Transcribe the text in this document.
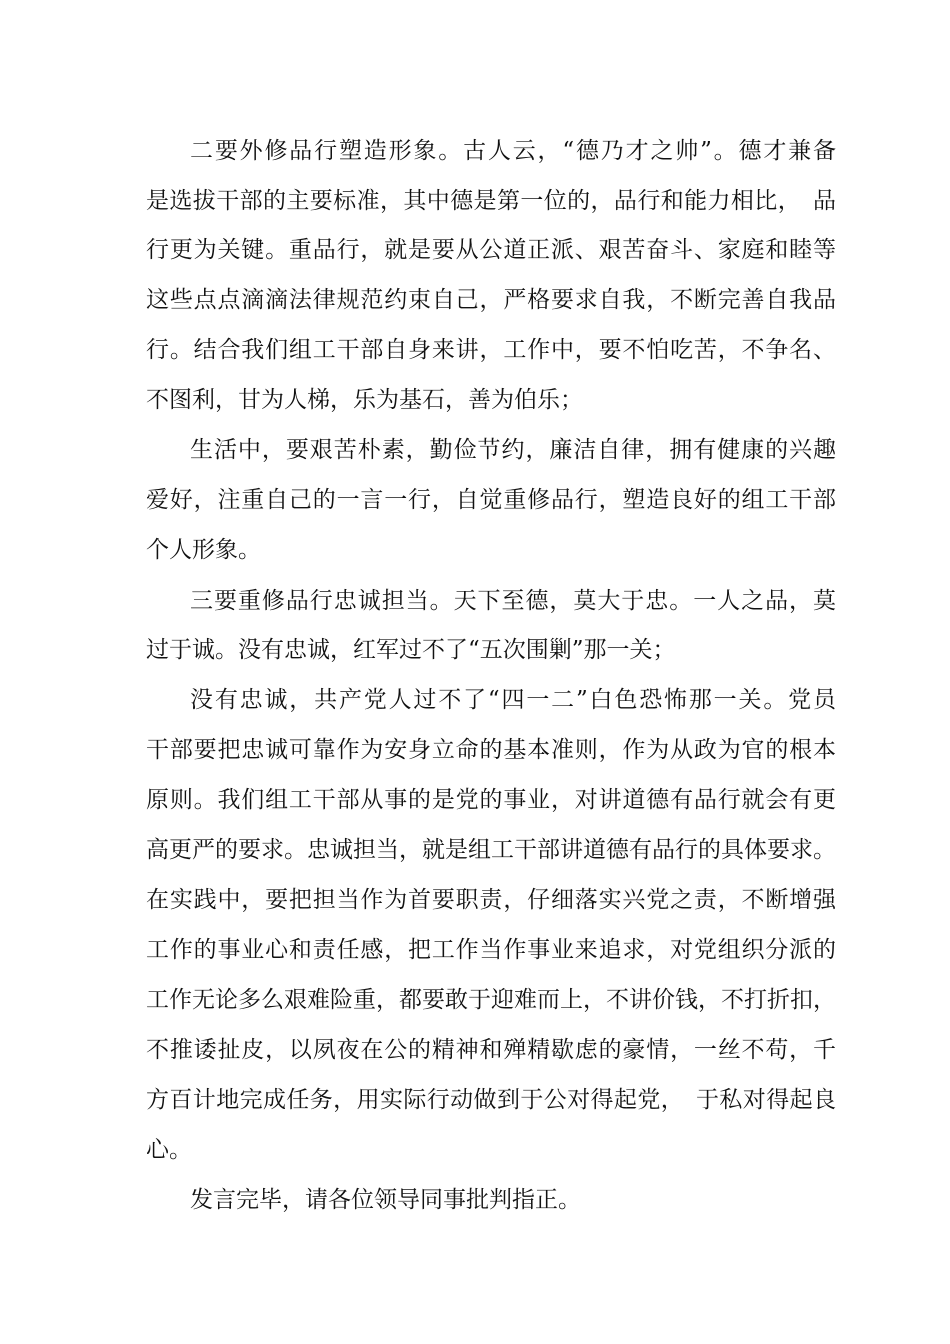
二要外修品行塑造形象。古人云，“德乃才之帅”。德才兼备
是选拔干部的主要标准，其中德是第一位的，品行和能力相比，　品
行更为关键。重品行，就是要从公道正派、艰苦奋斗、家庭和睦等
这些点点滴滴法律规范约束自己，严格要求自我，不断完善自我品
行。结合我们组工干部自身来讲，工作中，要不怕吃苦，不争名、
不图利，甘为人梯，乐为基石，善为伯乐；
生活中，要艰苦朴素，勤俭节约，廉洁自律，拥有健康的兴趣
爱好，注重自己的一言一行，自觉重修品行，塑造良好的组工干部
个人形象。
三要重修品行忠诚担当。天下至德，莫大于忠。一人之品，莫
过于诚。没有忠诚，红军过不了“五次围剿”那一关；
没有忠诚，共产党人过不了“四一二”白色恐怖那一关。党员
干部要把忠诚可靠作为安身立命的基本准则，作为从政为官的根本
原则。我们组工干部从事的是党的事业，对讲道德有品行就会有更
高更严的要求。忠诚担当，就是组工干部讲道德有品行的具体要求。
在实践中，要把担当作为首要职责，仔细落实兴党之责，不断增强
工作的事业心和责任感，把工作当作事业来追求，对党组织分派的
工作无论多么艰难险重，都要敢于迎难而上，不讲价钱，不打折扣，
不推诿扯皮，以夙夜在公的精神和殚精歇虑的豪情，一丝不苟，千
方百计地完成任务，用实际行动做到于公对得起党，　于私对得起良
心。
发言完毕，请各位领导同事批判指正。
